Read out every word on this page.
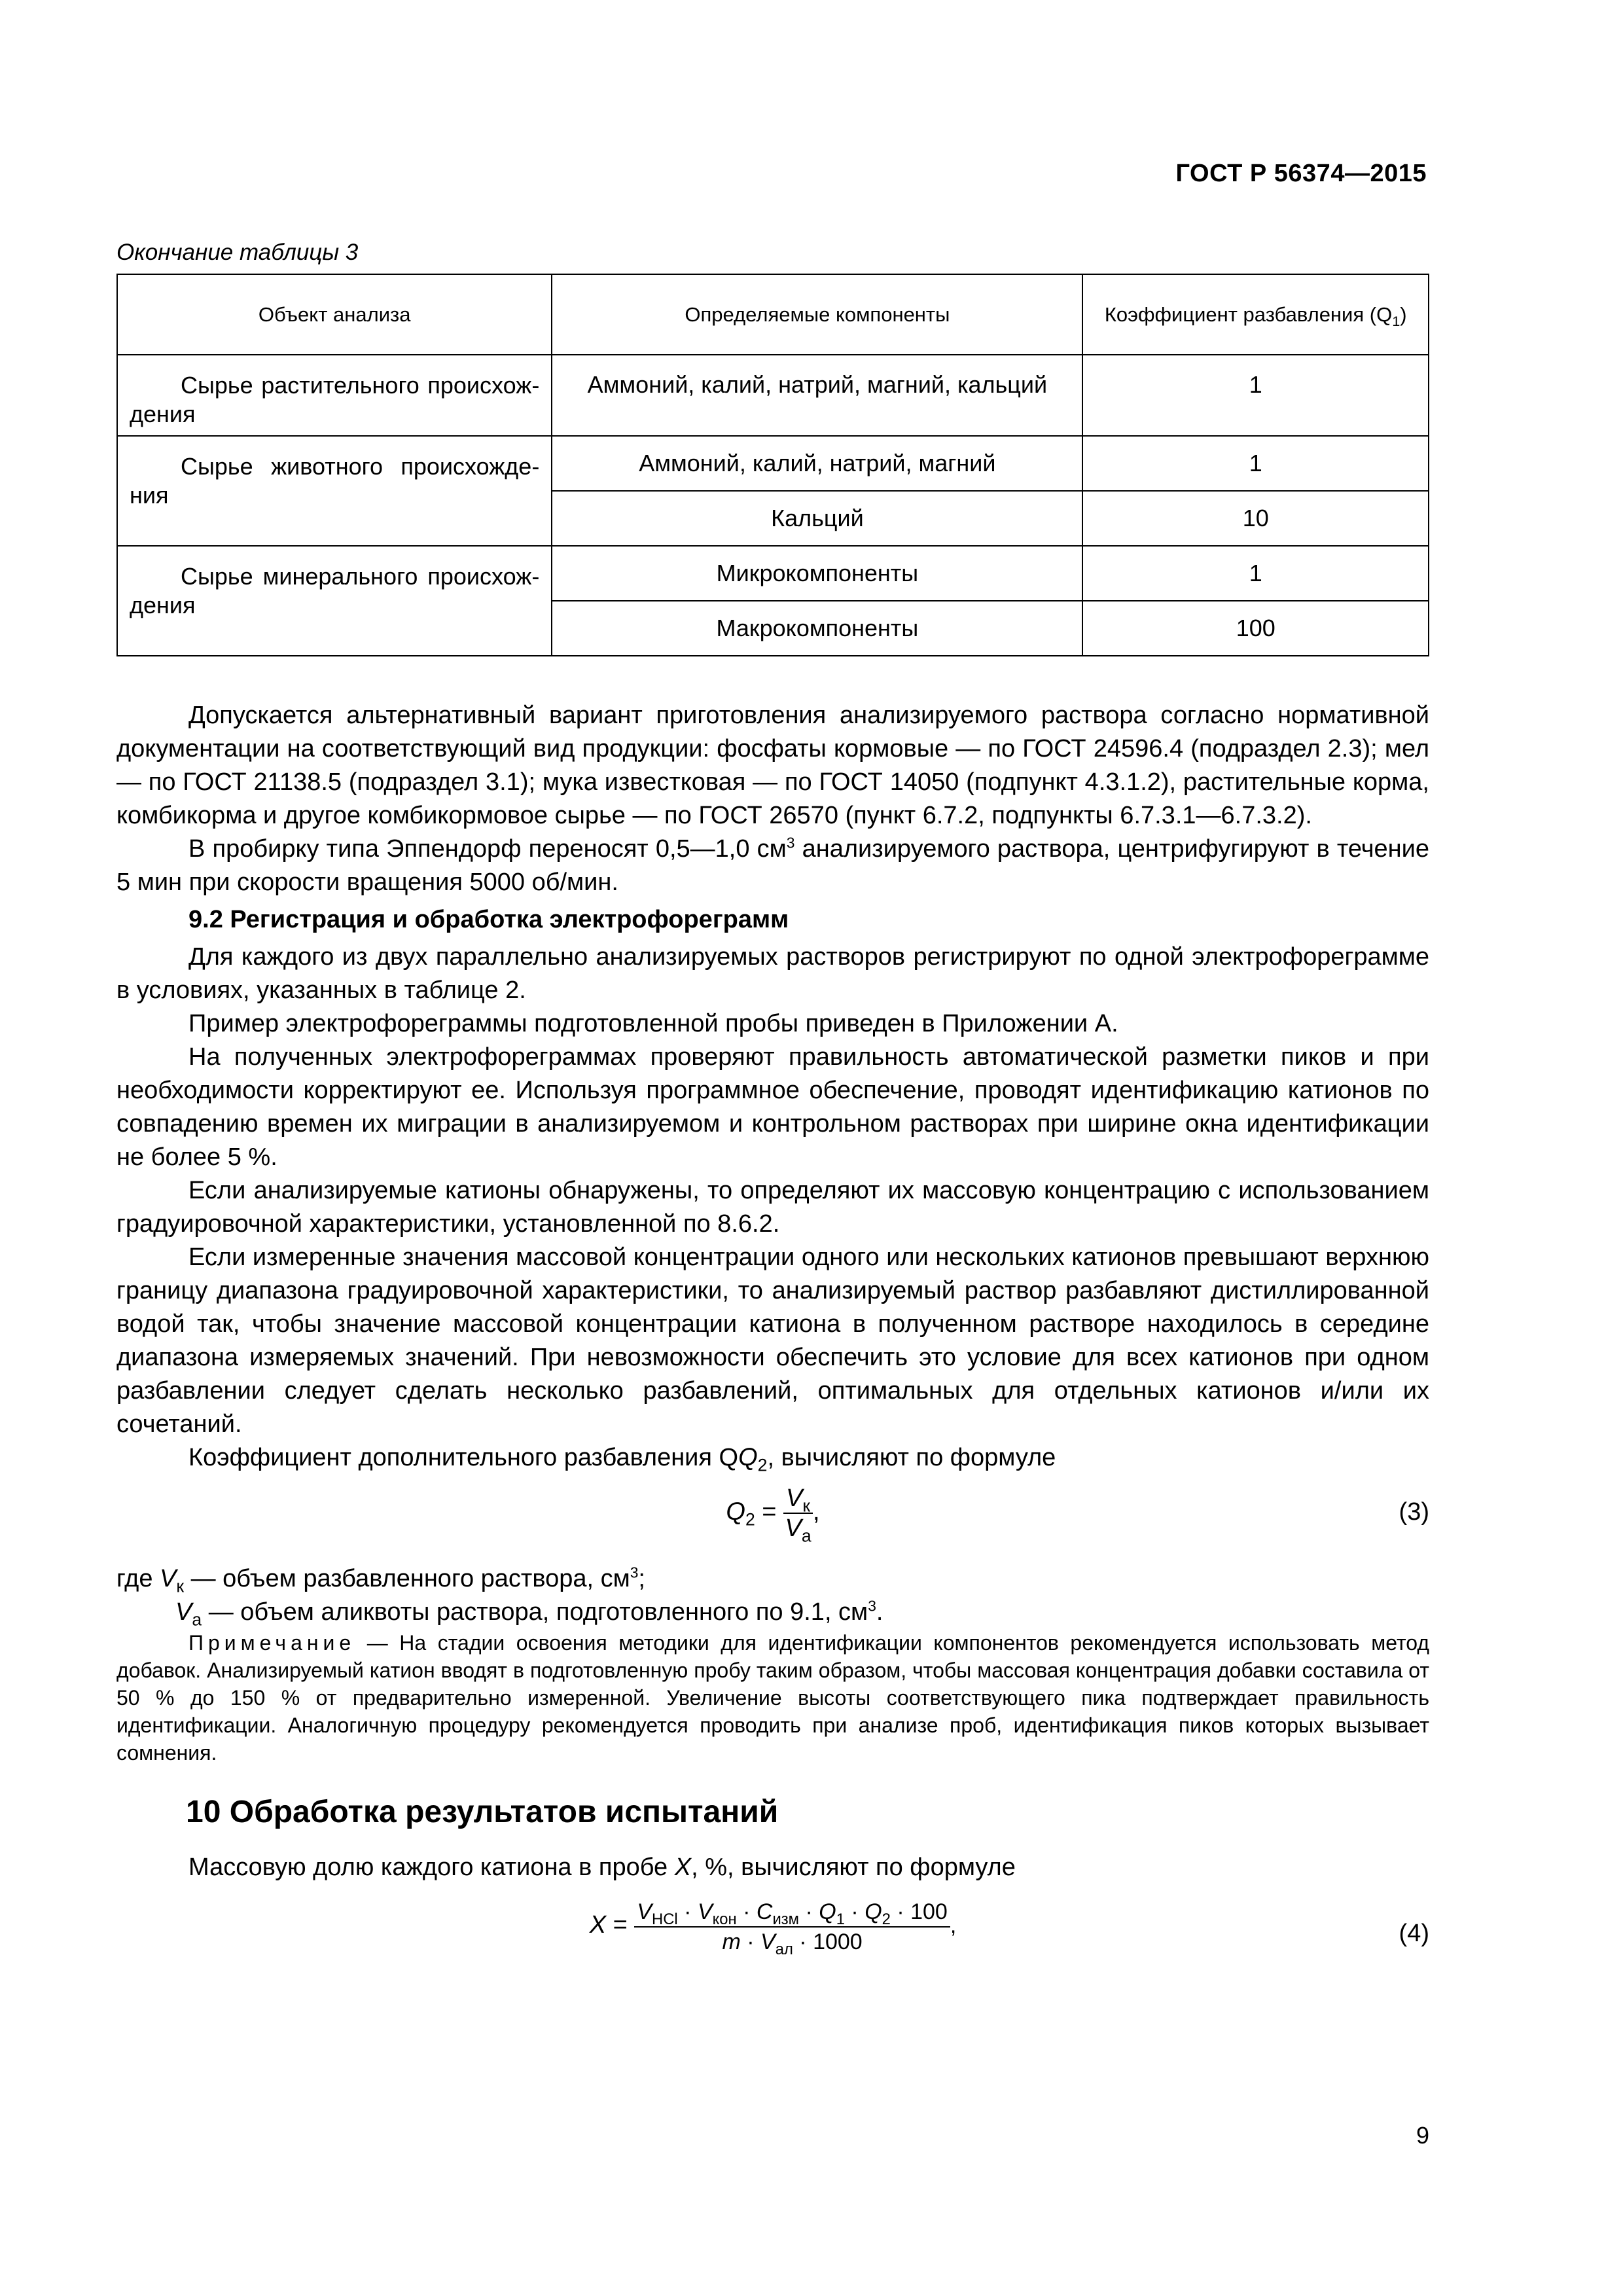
ГОСТ Р 56374—2015
Окончание таблицы 3
Объект анализа	Определяемые компоненты	Коэффициент разбавления $(Q_1)$
Сырье растительного происхож-дения	Аммоний, калий, натрий, магний, кальций	1
Сырье животного происхожде-ния	Аммоний, калий, натрий, магний	1
	Кальций	10
Сырье минерального происхож-дения	Микрокомпоненты	1
	Макрокомпоненты	100

Допускается альтернативный вариант приготовления анализируемого раствора согласно нормативной документации на соответствующий вид продукции: фосфаты кормовые — по ГОСТ 24596.4 (подраздел 2.3); мел — по ГОСТ 21138.5 (подраздел 3.1); мука известковая — по ГОСТ 14050 (подпункт 4.3.1.2), растительные корма, комбикорма и другое комбикормовое сырье — по ГОСТ 26570 (пункт 6.7.2, подпункты 6.7.3.1—6.7.3.2).

В пробирку типа Эппендорф переносят 0,5—1,0 $см^3$ анализируемого раствора, центрифугируют в течение 5 мин при скорости вращения 5000 об/мин.

9.2 Регистрация и обработка электрофореграмм

Для каждого из двух параллельно анализируемых растворов регистрируют по одной электрофореграмме в условиях, указанных в таблице 2.

Пример электрофореграммы подготовленной пробы приведен в Приложении А.

На полученных электрофореграммах проверяют правильность автоматической разметки пиков и при необходимости корректируют ее. Используя программное обеспечение, проводят идентификацию катионов по совпадению времен их миграции в анализируемом и контрольном растворах при ширине окна идентификации не более 5 %.

Если анализируемые катионы обнаружены, то определяют их массовую концентрацию с использованием градуировочной характеристики, установленной по 8.6.2.

Если измеренные значения массовой концентрации одного или нескольких катионов превышают верхнюю границу диапазона градуировочной характеристики, то анализируемый раствор разбавляют дистиллированной водой так, чтобы значение массовой концентрации катиона в полученном растворе находилось в середине диапазона измеряемых значений. При невозможности обеспечить это условие для всех катионов при одном разбавлении следует сделать несколько разбавлений, оптимальных для отдельных катионов и/или их сочетаний.

Коэффициент дополнительного разбавления $QQ_2$, вычисляют по формуле

$Q_2 = \frac{V_к}{V_а}$ ,	(3)

где $V_к$ — объем разбавленного раствора, $см^3$;

$V_а$ — объем аликвоты раствора, подготовленного по 9.1, $см^3$.

Примечание — На стадии освоения методики для идентификации компонентов рекомендуется использовать метод добавок. Анализируемый катион вводят в подготовленную пробу таким образом, чтобы массовая концентрация добавки составила от 50 % до 150 % от предварительно измеренной. Увеличение высоты соответствующего пика подтверждает правильность идентификации. Аналогичную процедуру рекомендуется проводить при анализе проб, идентификация пиков которых вызывает сомнения.

10 Обработка результатов испытаний

Массовую долю каждого катиона в пробе X, %, вычисляют по формуле

$X = \frac{V_{HCl} \cdot V_{кон} \cdot C_{изм} \cdot Q_1 \cdot Q_2 \cdot 100}{m \cdot V_{ал} \cdot 1000}$ ,	(4)
9
